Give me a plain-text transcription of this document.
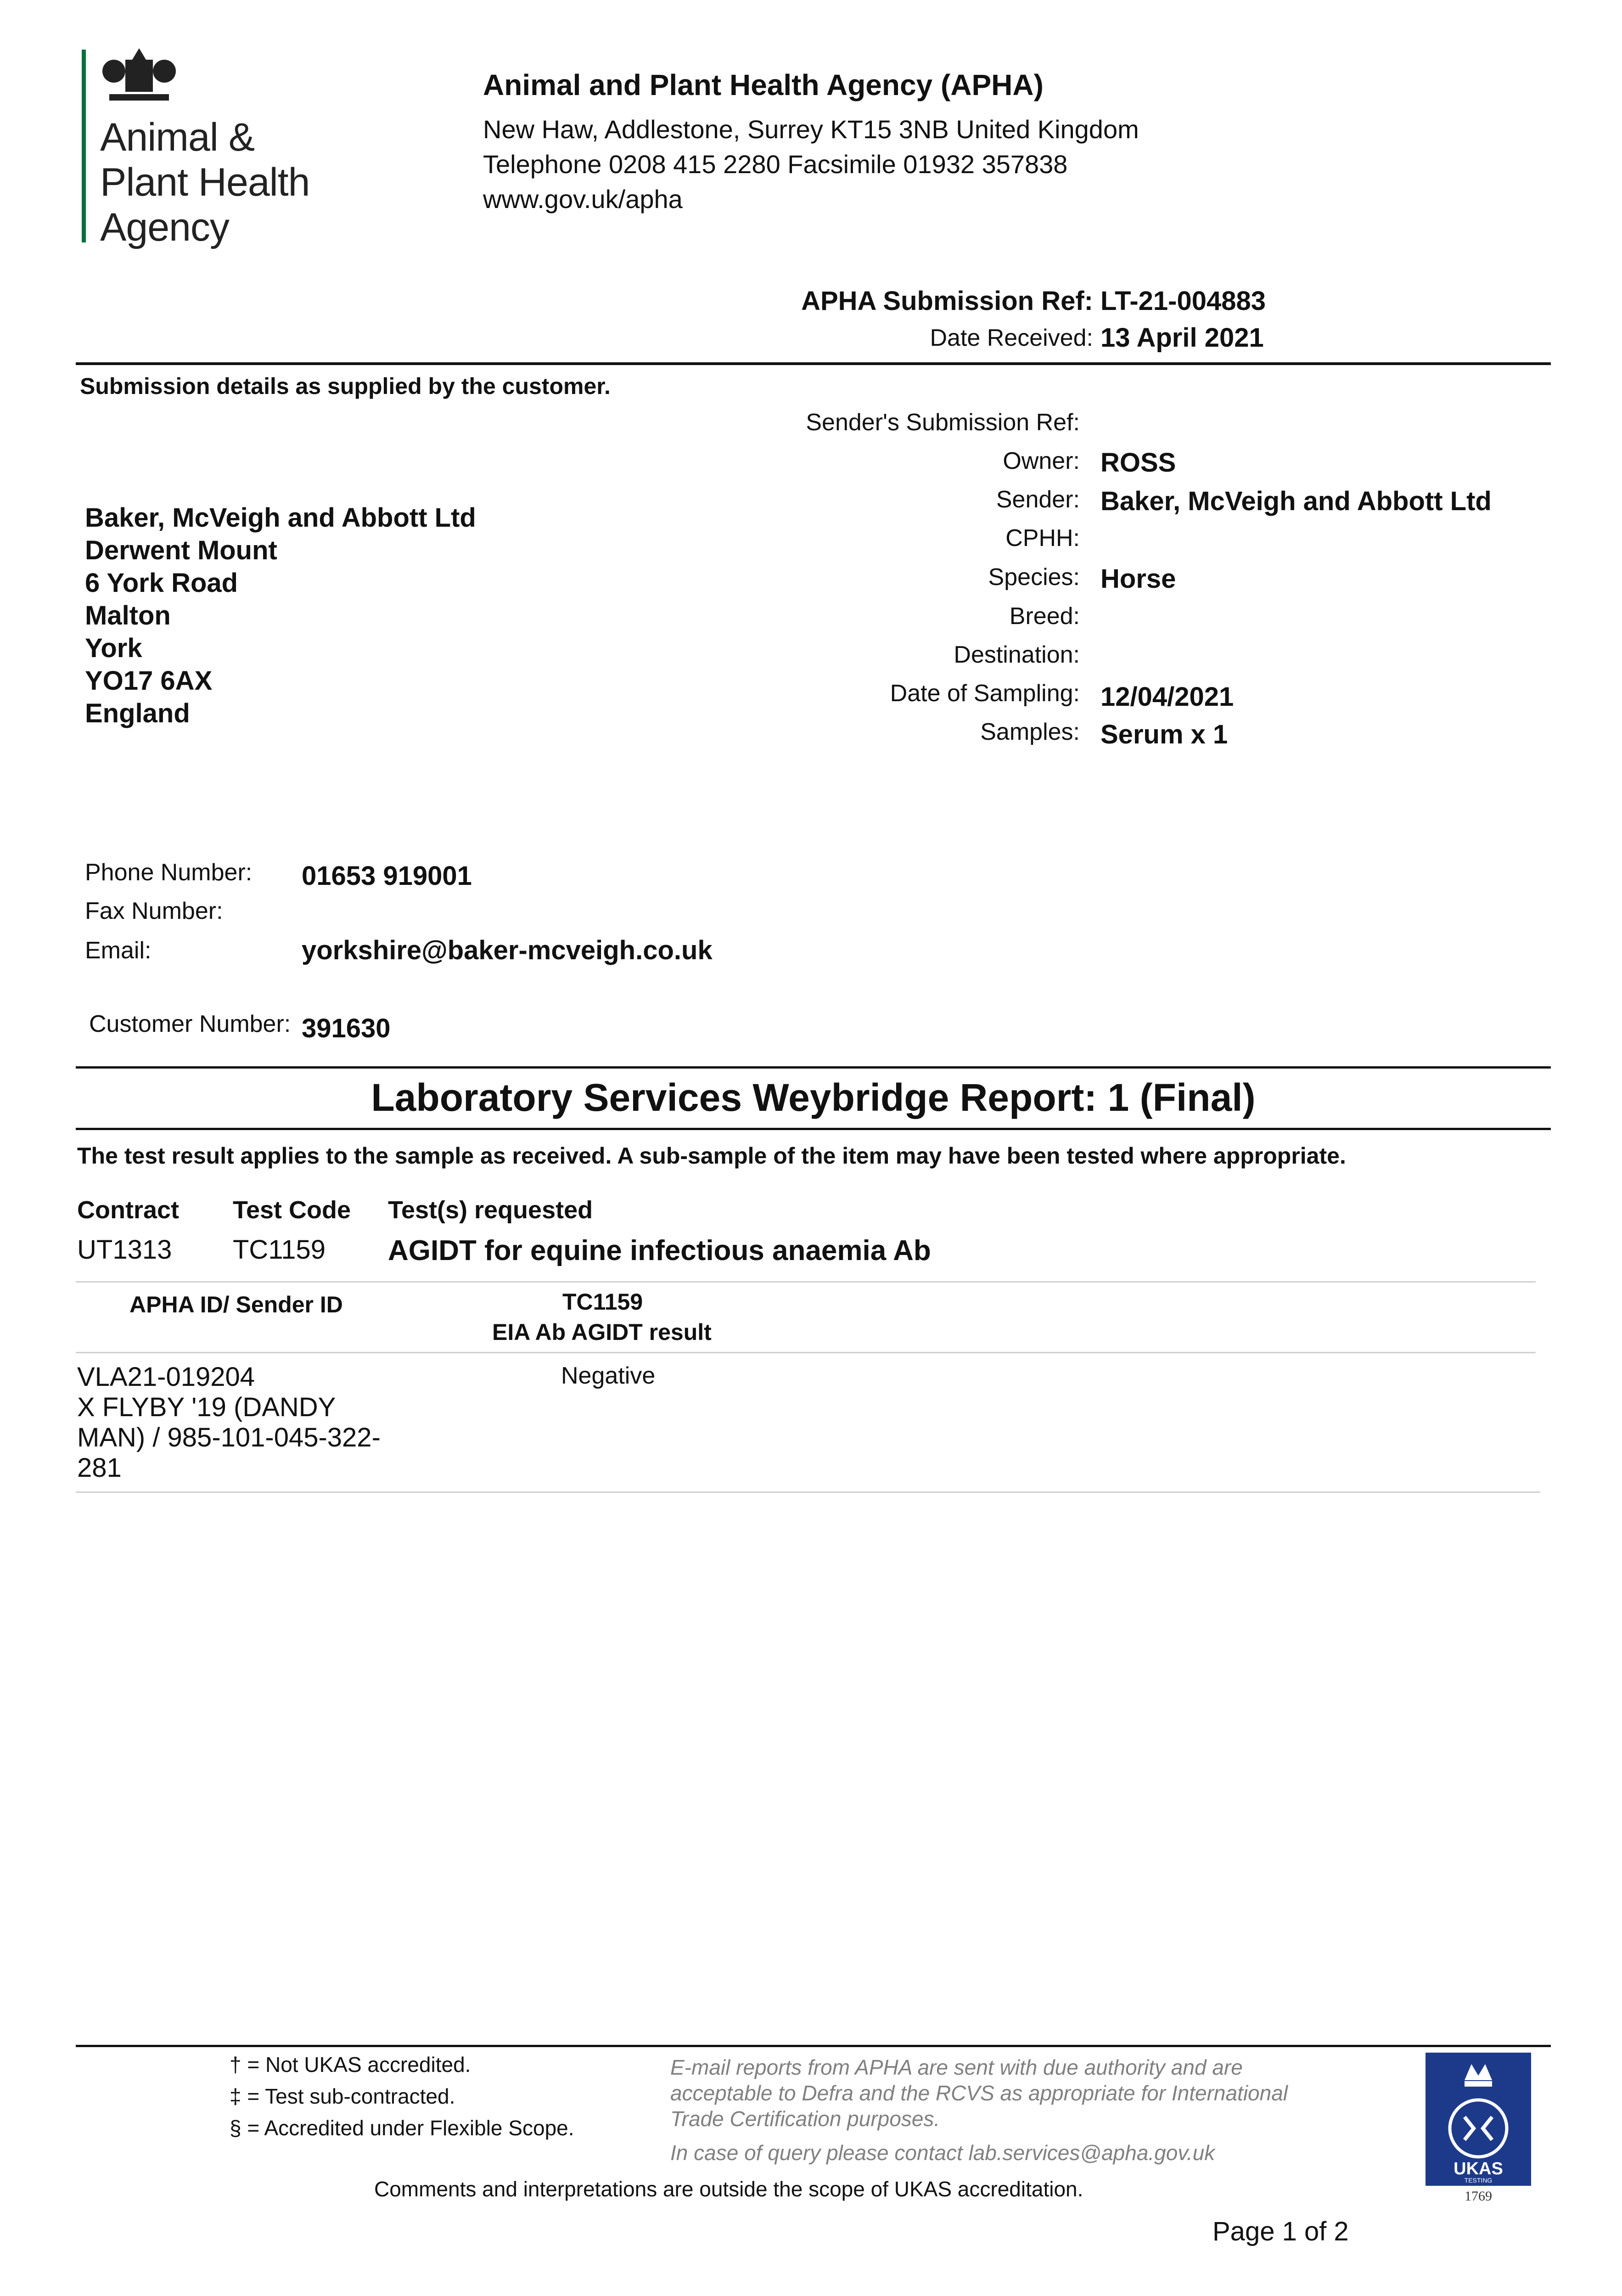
Animal &
Plant Health
Agency
Animal and Plant Health Agency (APHA)
New Haw, Addlestone, Surrey KT15 3NB United Kingdom
Telephone 0208 415 2280 Facsimile 01932 357838
www.gov.uk/apha
APHA Submission Ref: LT-21-004883
Date Received: 13 April 2021
Submission details as supplied by the customer.
Baker, McVeigh and Abbott Ltd
Derwent Mount
6 York Road
Malton
York
YO17 6AX
England
Sender's Submission Ref:
Owner: ROSS
Sender: Baker, McVeigh and Abbott Ltd
CPHH:
Species: Horse
Breed:
Destination:
Date of Sampling: 12/04/2021
Samples: Serum x 1
Phone Number: 01653 919001
Fax Number:
Email:	yorkshire@baker-mcveigh.co.uk
Customer Number: 391630
Laboratory Services Weybridge Report: 1 (Final)
The test result applies to the sample as received. A sub-sample of the item may have been tested where appropriate.
Contract Test Code Test(s) requested
UT1313 TC1159 AGIDT for equine infectious anaemia Ab
APHA ID/ Sender ID	TC1159
EIA Ab AGIDT result
VLA21-019204
X FLYBY '19 (DANDY
MAN) / 985-101-045-322-
281
Negative
† = Not UKAS accredited.
‡ = Test sub-contracted.
§ = Accredited under Flexible Scope.
E-mail reports from APHA are sent with due authority and are acceptable to Defra and the RCVS as appropriate for International Trade Certification purposes.
In case of query please contact lab.services@apha.gov.uk
Comments and interpretations are outside the scope of UKAS accreditation.
Page 1 of 2
UKAS
TESTING
1769
